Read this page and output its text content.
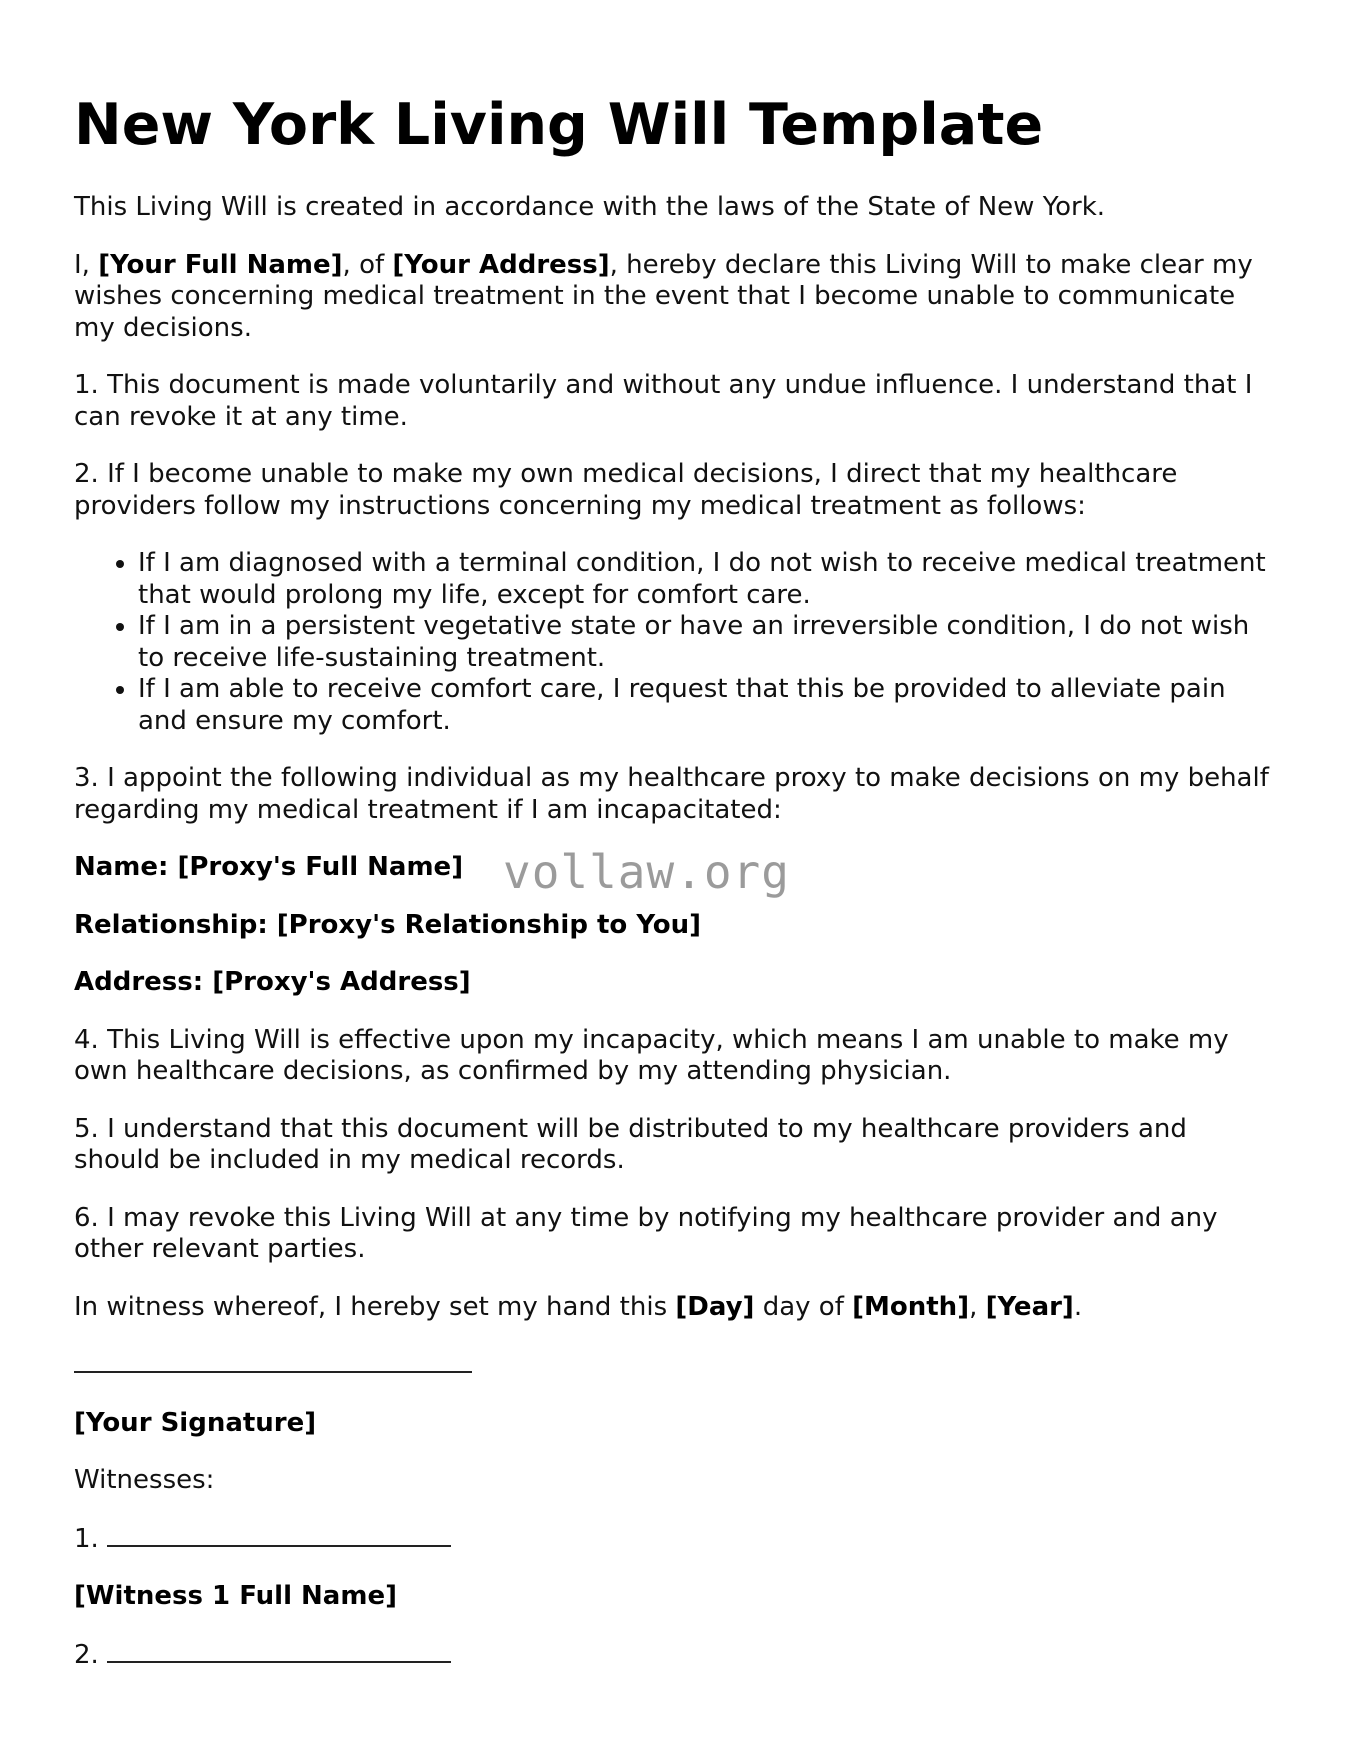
New York Living Will Template

This Living Will is created in accordance with the laws of the State of New York.

I, [Your Full Name], of [Your Address], hereby declare this Living Will to make clear my wishes concerning medical treatment in the event that I become unable to communicate my decisions.

1. This document is made voluntarily and without any undue influence. I understand that I can revoke it at any time.

2. If I become unable to make my own medical decisions, I direct that my healthcare providers follow my instructions concerning my medical treatment as follows:

• If I am diagnosed with a terminal condition, I do not wish to receive medical treatment that would prolong my life, except for comfort care.
• If I am in a persistent vegetative state or have an irreversible condition, I do not wish to receive life-sustaining treatment.
• If I am able to receive comfort care, I request that this be provided to alleviate pain and ensure my comfort.

3. I appoint the following individual as my healthcare proxy to make decisions on my behalf regarding my medical treatment if I am incapacitated:

Name: [Proxy's Full Name]

Relationship: [Proxy's Relationship to You]

Address: [Proxy's Address]

4. This Living Will is effective upon my incapacity, which means I am unable to make my own healthcare decisions, as confirmed by my attending physician.

5. I understand that this document will be distributed to my healthcare providers and should be included in my medical records.

6. I may revoke this Living Will at any time by notifying my healthcare provider and any other relevant parties.

In witness whereof, I hereby set my hand this [Day] day of [Month], [Year].

[Your Signature]

Witnesses:

1.

[Witness 1 Full Name]

2.

vollaw.org
